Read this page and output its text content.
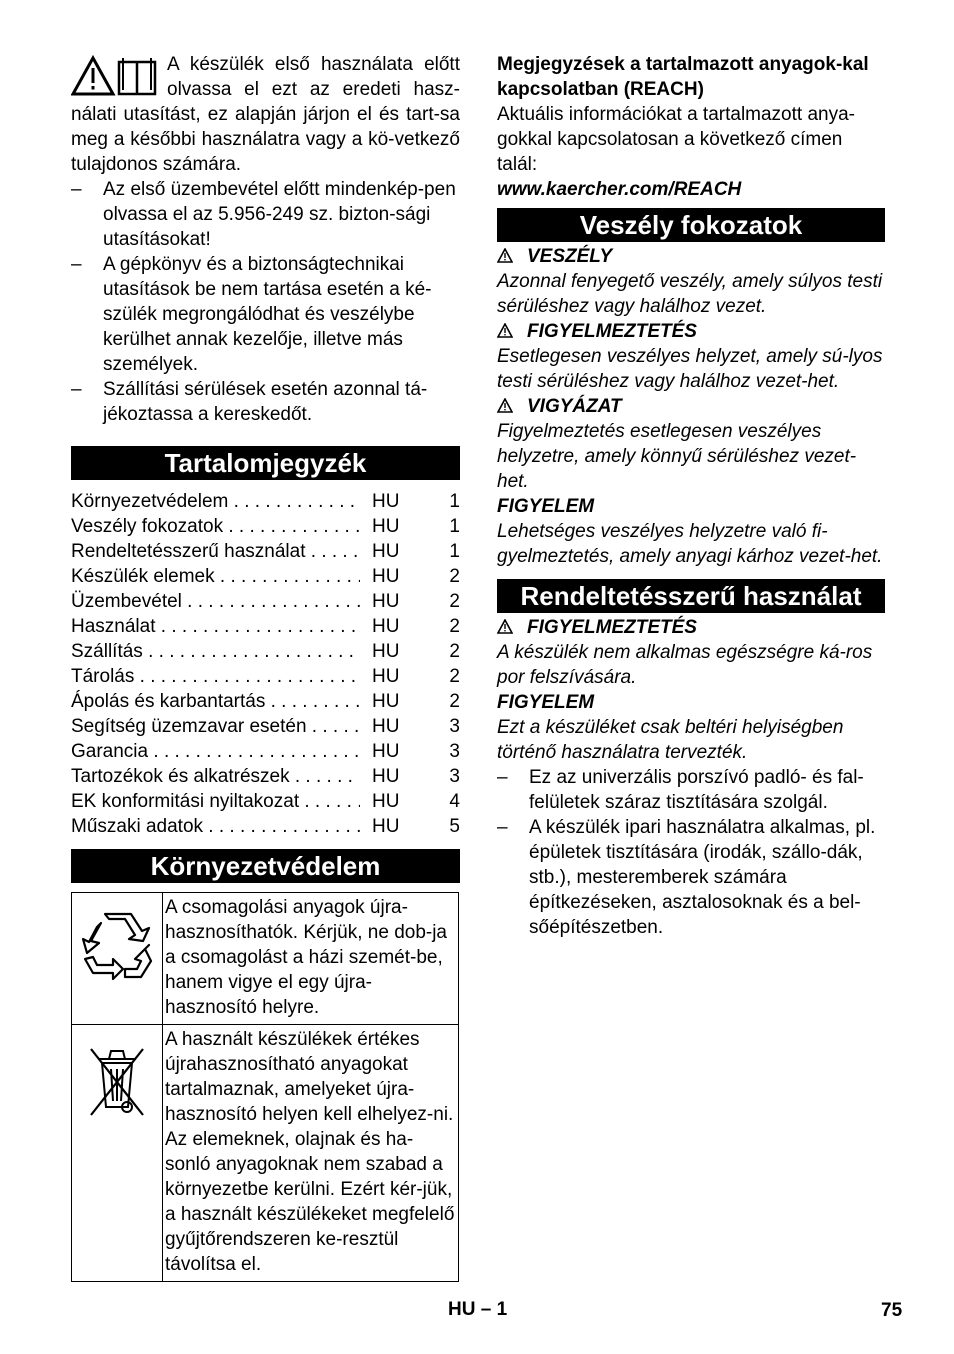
A készülék első használata előtt olvassa el ezt az eredeti hasz-nálati utasítást, ez alapján járjon el és tart-sa meg a későbbi használatra vagy a kö-vetkező tulajdonos számára.

–	Az első üzembevétel előtt mindenkép-pen olvassa el az 5.956-249 sz. bizton-sági utasításokat!
–	A gépkönyv és a biztonságtechnikai utasítások be nem tartása esetén a ké-szülék megrongálódhat és veszélybe kerülhet annak kezelője, illetve más személyek.
–	Szállítási sérülések esetén azonnal tá-jékoztassa a kereskedőt.
Tartalomjegyzék
Környezetvédelem . . .	HU	1
Veszély fokozatok . . .	HU	1
Rendeltetésszerű használat . . .	HU	1
Készülék elemek . . .	HU	2
Üzembevétel . . .	HU	2
Használat . . .	HU	2
Szállítás . . .	HU	2
Tárolás . . .	HU	2
Ápolás és karbantartás . . .	HU	2
Segítség üzemzavar esetén . . .	HU	3
Garancia . . .	HU	3
Tartozékok és alkatrészek . . .	HU	3
EK konformitási nyiltakozat . . .	HU	4
Műszaki adatok . . .	HU	5
Környezetvédelem
	A csomagolási anyagok újra-hasznosíthatók. Kérjük, ne dob-ja a csomagolást a házi szemét-be, hanem vigye el egy újra-hasznosító helyre.
	A használt készülékek értékes újrahasznosítható anyagokat tartalmaznak, amelyeket újra-hasznosító helyen kell elhelyez-ni. Az elemeknek, olajnak és ha-sonló anyagoknak nem szabad a környezetbe kerülni. Ezért kér-jük, a használt készülékeket megfelelő gyűjtőrendszeren ke-resztül távolítsa el.

Megjegyzések a tartalmazott anyagok-kal kapcsolatban (REACH)

Aktuális információkat a tartalmazott anya-gokkal kapcsolatosan a következő címen talál:

www.kaercher.com/REACH

Veszély fokozatok

VESZÉLY

Azonnal fenyegető veszély, amely súlyos testi sérüléshez vagy halálhoz vezet.

FIGYELMEZTETÉS

Esetlegesen veszélyes helyzet, amely sú-lyos testi sérüléshez vagy halálhoz vezet-het.

VIGYÁZAT

Figyelmeztetés esetlegesen veszélyes helyzetre, amely könnyű sérüléshez vezet-het.

FIGYELEM

Lehetséges veszélyes helyzetre való fi-gyelmeztetés, amely anyagi kárhoz vezet-het.

Rendeltetésszerű használat

FIGYELMEZTETÉS

A készülék nem alkalmas egészségre ká-ros por felszívására.

FIGYELEM

Ezt a készüléket csak beltéri helyiségben történő használatra tervezték.

–	Ez az univerzális porszívó padló- és fal-felületek száraz tisztítására szolgál.
–	A készülék ipari használatra alkalmas, pl. épületek tisztítására (irodák, szállo-dák, stb.), mesteremberek számára építkezéseken, asztalosoknak és a bel-sőépítészetben.
HU – 1	75
